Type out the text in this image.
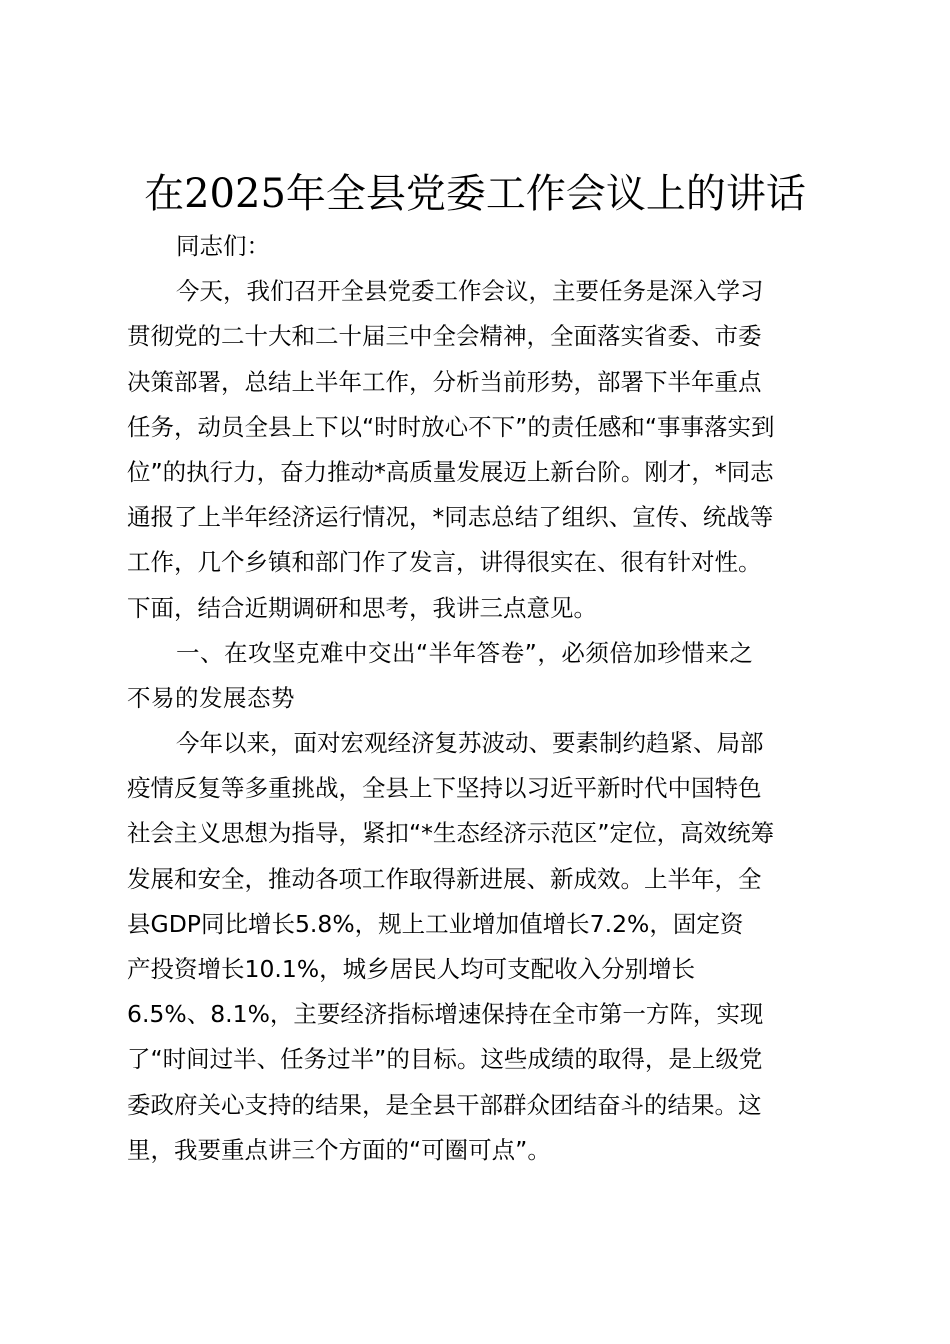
在2025年全县党委工作会议上的讲话
同志们：
今天，我们召开全县党委工作会议，主要任务是深入学习
贯彻党的二十大和二十届三中全会精神，全面落实省委、市委
决策部署，总结上半年工作，分析当前形势，部署下半年重点
任务，动员全县上下以“时时放心不下”的责任感和“事事落实到
位”的执行力，奋力推动*高质量发展迈上新台阶。刚才，*同志
通报了上半年经济运行情况，*同志总结了组织、宣传、统战等
工作，几个乡镇和部门作了发言，讲得很实在、很有针对性。
下面，结合近期调研和思考，我讲三点意见。
一、在攻坚克难中交出“半年答卷”，必须倍加珍惜来之
不易的发展态势
今年以来，面对宏观经济复苏波动、要素制约趋紧、局部
疫情反复等多重挑战，全县上下坚持以习近平新时代中国特色
社会主义思想为指导，紧扣“*生态经济示范区”定位，高效统筹
发展和安全，推动各项工作取得新进展、新成效。上半年，全
县GDP同比增长5.8%，规上工业增加值增长7.2%，固定资
产投资增长10.1%，城乡居民人均可支配收入分别增长
6.5%、8.1%，主要经济指标增速保持在全市第一方阵，实现
了“时间过半、任务过半”的目标。这些成绩的取得，是上级党
委政府关心支持的结果，是全县干部群众团结奋斗的结果。这
里，我要重点讲三个方面的“可圈可点”。
